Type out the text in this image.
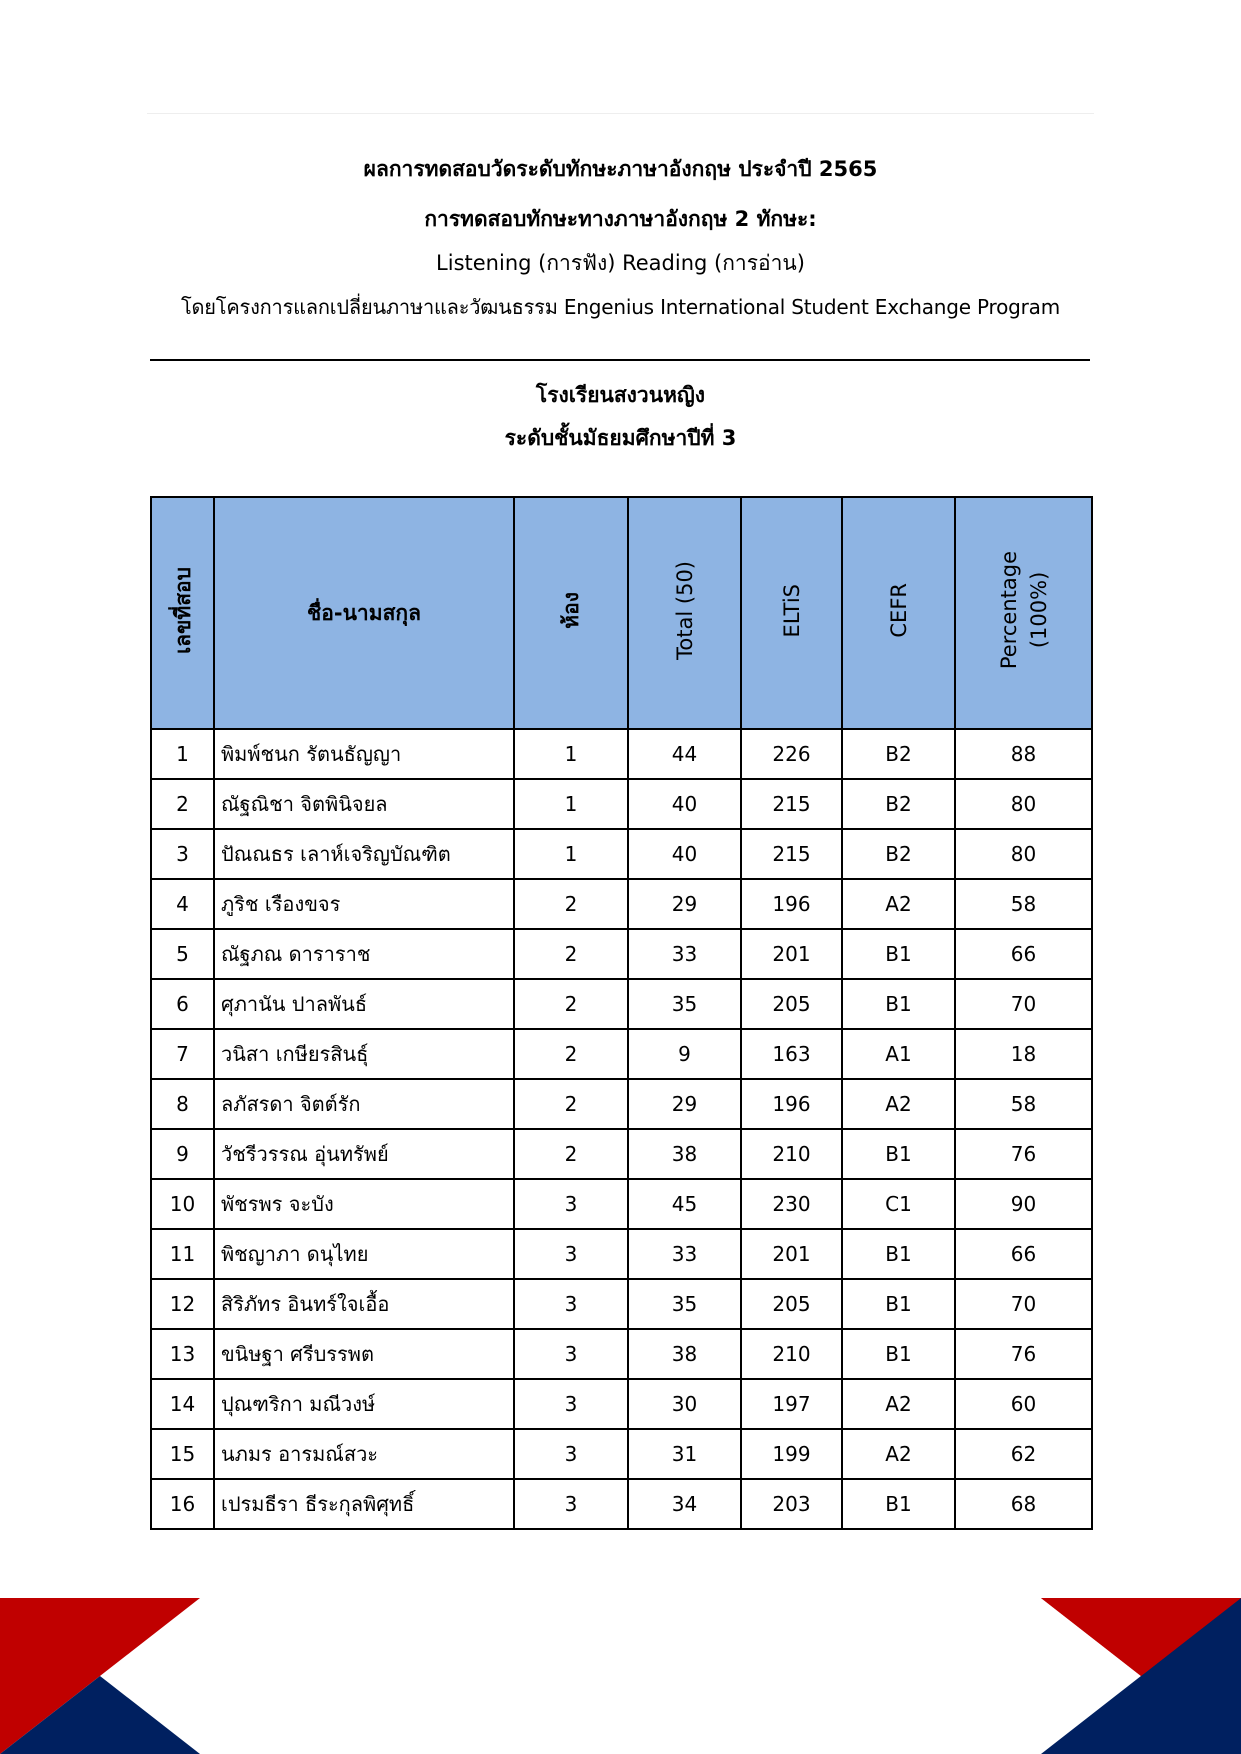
ผลการทดสอบวัดระดับทักษะภาษาอังกฤษ ประจำปี 2565
การทดสอบทักษะทางภาษาอังกฤษ 2 ทักษะ:
Listening (การฟัง) Reading (การอ่าน)
โดยโครงการแลกเปลี่ยนภาษาและวัฒนธรรม Engenius International Student Exchange Program
โรงเรียนสงวนหญิง
ระดับชั้นมัธยมศึกษาปีที่ 3
เลขที่สอบ	ชื่อ-นามสกุล	ห้อง	Total (50)	ELTiS	CEFR	Percentage (100%)
1	พิมพ์ชนก รัตนธัญญา	1	44	226	B2	88
2	ณัฐณิชา จิตพินิจยล	1	40	215	B2	80
3	ปัณณธร เลาห์เจริญบัณฑิต	1	40	215	B2	80
4	ภูริช เรืองขจร	2	29	196	A2	58
5	ณัฐภณ ดาราราช	2	33	201	B1	66
6	ศุภานัน ปาลพันธ์	2	35	205	B1	70
7	วนิสา เกษียรสินธุ์	2	9	163	A1	18
8	ลภัสรดา จิตต์รัก	2	29	196	A2	58
9	วัชรีวรรณ อุ่นทรัพย์	2	38	210	B1	76
10	พัชรพร จะบัง	3	45	230	C1	90
11	พิชญาภา ดนุไทย	3	33	201	B1	66
12	สิริภัทร อินทร์ใจเอื้อ	3	35	205	B1	70
13	ขนิษฐา ศรีบรรพต	3	38	210	B1	76
14	ปุณฑริกา มณีวงษ์	3	30	197	A2	60
15	นภมร อารมณ์สวะ	3	31	199	A2	62
16	เปรมธีรา ธีระกุลพิศุทธิ์	3	34	203	B1	68
